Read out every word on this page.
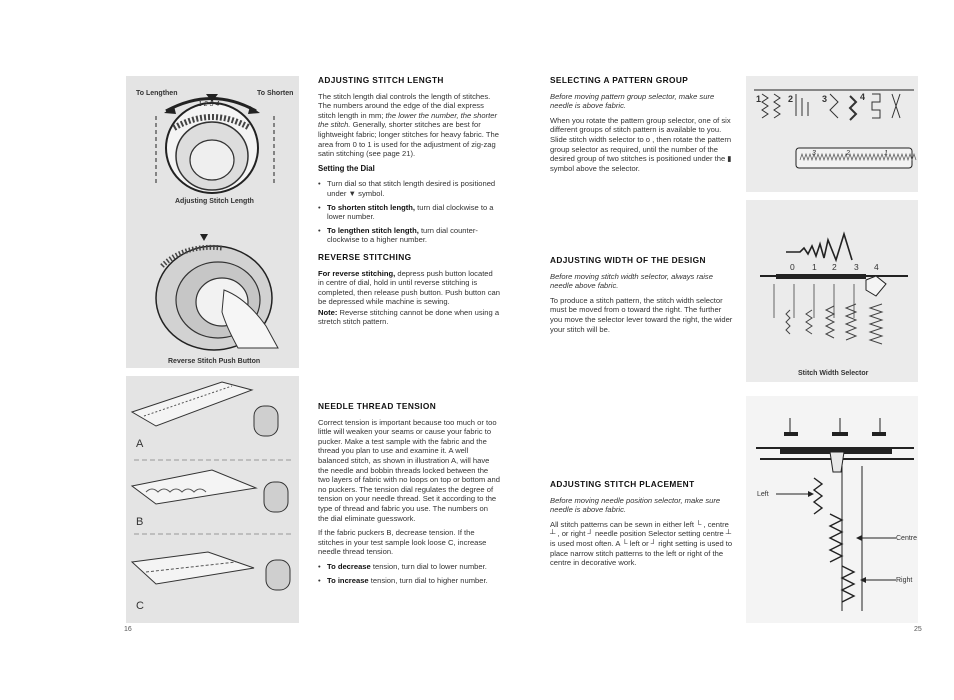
To Lengthen	To Shorten
1 2 3 4
Adjusting Stitch Length
Reverse Stitch Push Button
A
B
C
ADJUSTING STITCH LENGTH

The stitch length dial controls the length of stitches. The numbers around the edge of the dial express stitch length in mm; the lower the number, the shorter the stitch. Generally, shorter stitches are best for lightweight fabric; longer stitches for heavy fabric. The area from 0 to 1 is used for the adjustment of zig-zag satin stitching (see page 21).

Setting the Dial
• Turn dial so that stitch length desired is positioned under ▼ symbol.
• To shorten stitch length, turn dial clockwise to a lower number.
• To lengthen stitch length, turn dial counter-clockwise to a higher number.
REVERSE STITCHING

For reverse stitching, depress push button located in centre of dial, hold in until reverse stitching is completed, then release push button. Push button can be depressed while machine is sewing.

Note: Reverse stitching cannot be done when using a stretch stitch pattern.

NEEDLE THREAD TENSION

Correct tension is important because too much or too little will weaken your seams or cause your fabric to pucker. Make a test sample with the fabric and the thread you plan to use and examine it. A well balanced stitch, as shown in illustration A, will have the needle and bobbin threads locked between the two layers of fabric with no loops on top or bottom and no puckers. The tension dial regulates the degree of tension on your needle thread. Set it according to the type of thread and fabric you use. The numbers on the dial eliminate guesswork.

If the fabric puckers B, decrease tension. If the stitches in your test sample look loose C, increase needle thread tension.

• To decrease tension, turn dial to lower number.
• To increase tension, turn dial to higher number.
16
SELECTING A PATTERN GROUP

Before moving pattern group selector, make sure needle is above fabric.

When you rotate the pattern group selector, one of six different groups of stitch pattern is available to you.

Slide stitch width selector to o , then rotate the pattern group selector as required, until the number of the desired group of two stitches is positioned under the ▮ symbol above the selector.

ADJUSTING WIDTH OF THE DESIGN

Before moving stitch width selector, always raise needle above fabric.

To produce a stitch pattern, the stitch width selector must be moved from o toward the right. The further you move the selector lever toward the right, the wider your stitch will be.

ADJUSTING STITCH PLACEMENT

Before moving needle position selector, make sure needle is above fabric.

All stitch patterns can be sewn in either left └ , centre ┴ , or right ┘ needle position Selector setting centre ┴ is used most often. A └ left or ┘ right setting is used to place narrow stitch patterns to the left or right of the centre in decorative work.

1	2	3	4
3	2	1
0 1 2 3 4
Stitch Width Selector
Left
Centre
Right
25
